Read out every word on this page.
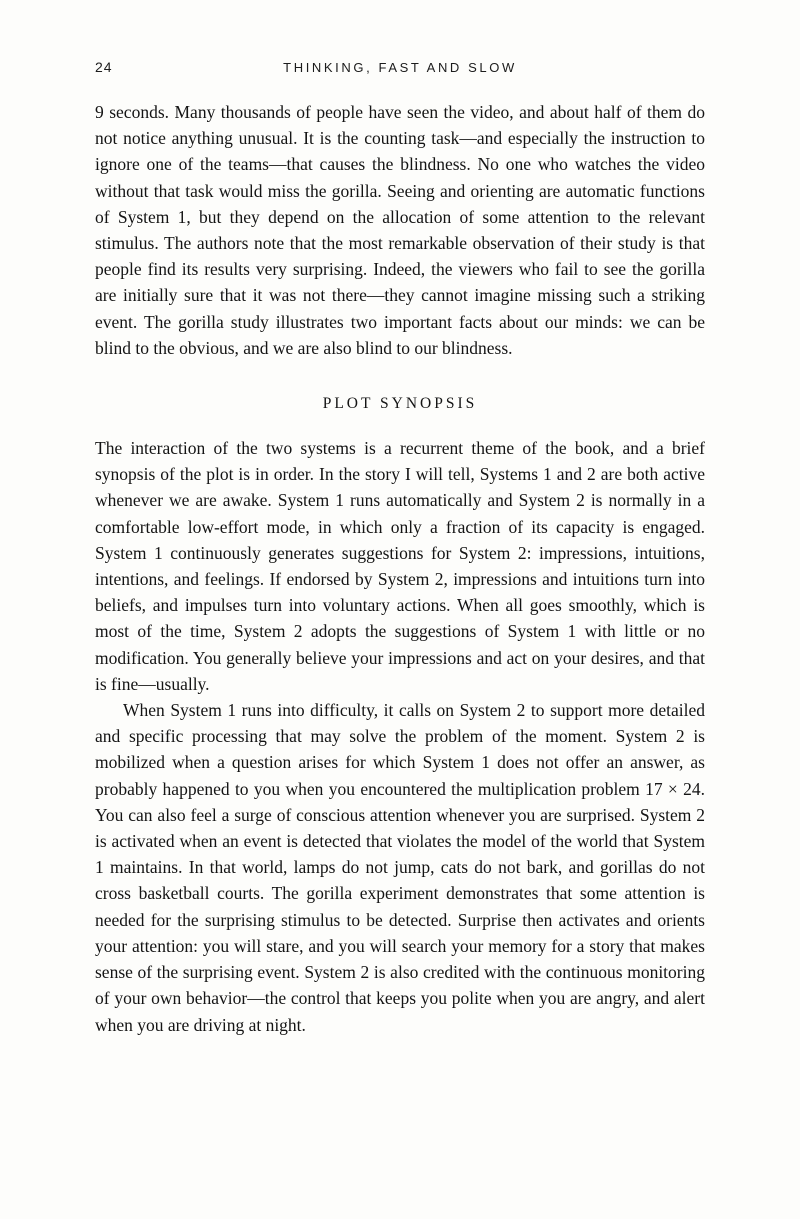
24	THINKING, FAST AND SLOW

9 seconds. Many thousands of people have seen the video, and about half of them do not notice anything unusual. It is the counting task—and especially the instruction to ignore one of the teams—that causes the blindness. No one who watches the video without that task would miss the gorilla. Seeing and orienting are automatic functions of System 1, but they depend on the allocation of some attention to the relevant stimulus. The authors note that the most remarkable observation of their study is that people find its results very surprising. Indeed, the viewers who fail to see the gorilla are initially sure that it was not there—they cannot imagine missing such a striking event. The gorilla study illustrates two important facts about our minds: we can be blind to the obvious, and we are also blind to our blindness.

PLOT SYNOPSIS

The interaction of the two systems is a recurrent theme of the book, and a brief synopsis of the plot is in order. In the story I will tell, Systems 1 and 2 are both active whenever we are awake. System 1 runs automatically and System 2 is normally in a comfortable low-effort mode, in which only a fraction of its capacity is engaged. System 1 continuously generates suggestions for System 2: impressions, intuitions, intentions, and feelings. If endorsed by System 2, impressions and intuitions turn into beliefs, and impulses turn into voluntary actions. When all goes smoothly, which is most of the time, System 2 adopts the suggestions of System 1 with little or no modification. You generally believe your impressions and act on your desires, and that is fine—usually.

When System 1 runs into difficulty, it calls on System 2 to support more detailed and specific processing that may solve the problem of the moment. System 2 is mobilized when a question arises for which System 1 does not offer an answer, as probably happened to you when you encountered the multiplication problem 17 × 24. You can also feel a surge of conscious attention whenever you are surprised. System 2 is activated when an event is detected that violates the model of the world that System 1 maintains. In that world, lamps do not jump, cats do not bark, and gorillas do not cross basketball courts. The gorilla experiment demonstrates that some attention is needed for the surprising stimulus to be detected. Surprise then activates and orients your attention: you will stare, and you will search your memory for a story that makes sense of the surprising event. System 2 is also credited with the continuous monitoring of your own behavior—the control that keeps you polite when you are angry, and alert when you are driving at night.
